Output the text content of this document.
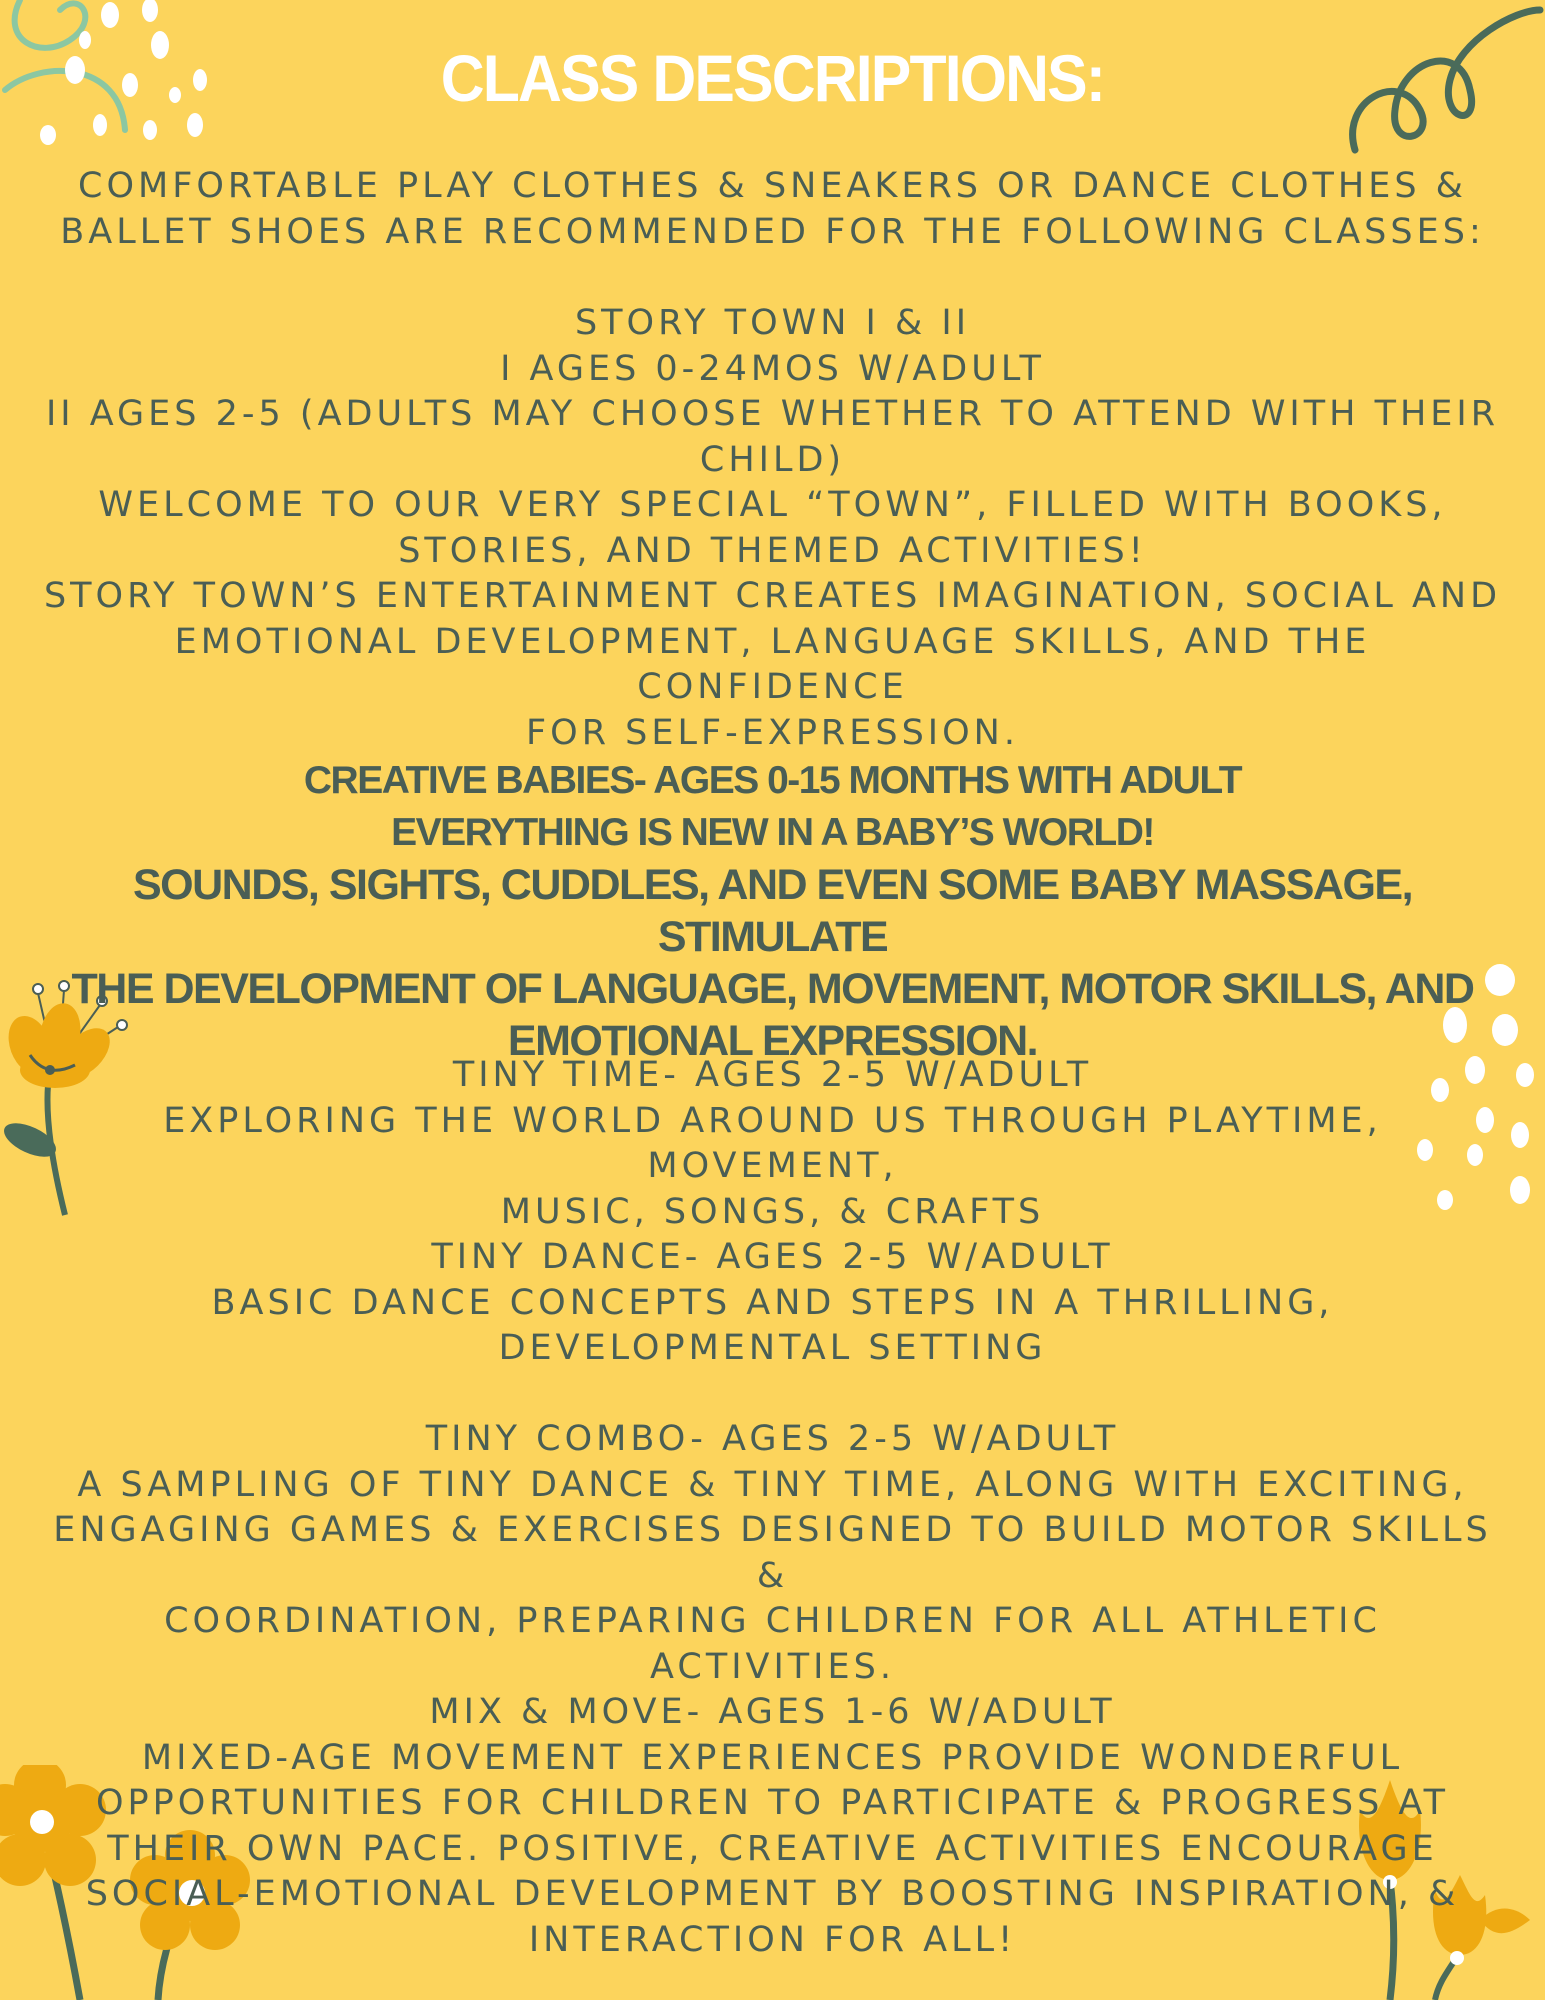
CLASS DESCRIPTIONS:
COMFORTABLE PLAY CLOTHES & SNEAKERS OR DANCE CLOTHES &
BALLET SHOES ARE RECOMMENDED FOR THE FOLLOWING CLASSES:
STORY TOWN I & II
I AGES 0-24MOS W/ADULT
II AGES 2-5 (ADULTS MAY CHOOSE WHETHER TO ATTEND WITH THEIR
CHILD)
WELCOME TO OUR VERY SPECIAL “TOWN”, FILLED WITH BOOKS,
STORIES, AND THEMED ACTIVITIES!
STORY TOWN’S ENTERTAINMENT CREATES IMAGINATION, SOCIAL AND
EMOTIONAL DEVELOPMENT, LANGUAGE SKILLS, AND THE CONFIDENCE
FOR SELF-EXPRESSION.
CREATIVE BABIES- AGES 0-15 MONTHS WITH ADULT
EVERYTHING IS NEW IN A BABY’S WORLD!
SOUNDS, SIGHTS, CUDDLES, AND EVEN SOME BABY MASSAGE, STIMULATE
THE DEVELOPMENT OF LANGUAGE, MOVEMENT, MOTOR SKILLS, AND
EMOTIONAL EXPRESSION.
TINY TIME- AGES 2-5 W/ADULT
EXPLORING THE WORLD AROUND US THROUGH PLAYTIME, MOVEMENT,
MUSIC, SONGS, & CRAFTS
TINY DANCE- AGES 2-5 W/ADULT
BASIC DANCE CONCEPTS AND STEPS IN A THRILLING,
DEVELOPMENTAL SETTING
TINY COMBO- AGES 2-5 W/ADULT
A SAMPLING OF TINY DANCE & TINY TIME, ALONG WITH EXCITING,
ENGAGING GAMES & EXERCISES DESIGNED TO BUILD MOTOR SKILLS &
COORDINATION, PREPARING CHILDREN FOR ALL ATHLETIC
ACTIVITIES.
MIX & MOVE- AGES 1-6 W/ADULT
MIXED-AGE MOVEMENT EXPERIENCES PROVIDE WONDERFUL
OPPORTUNITIES FOR CHILDREN TO PARTICIPATE & PROGRESS AT
THEIR OWN PACE. POSITIVE, CREATIVE ACTIVITIES ENCOURAGE
SOCIAL-EMOTIONAL DEVELOPMENT BY BOOSTING INSPIRATION, &
INTERACTION FOR ALL!
